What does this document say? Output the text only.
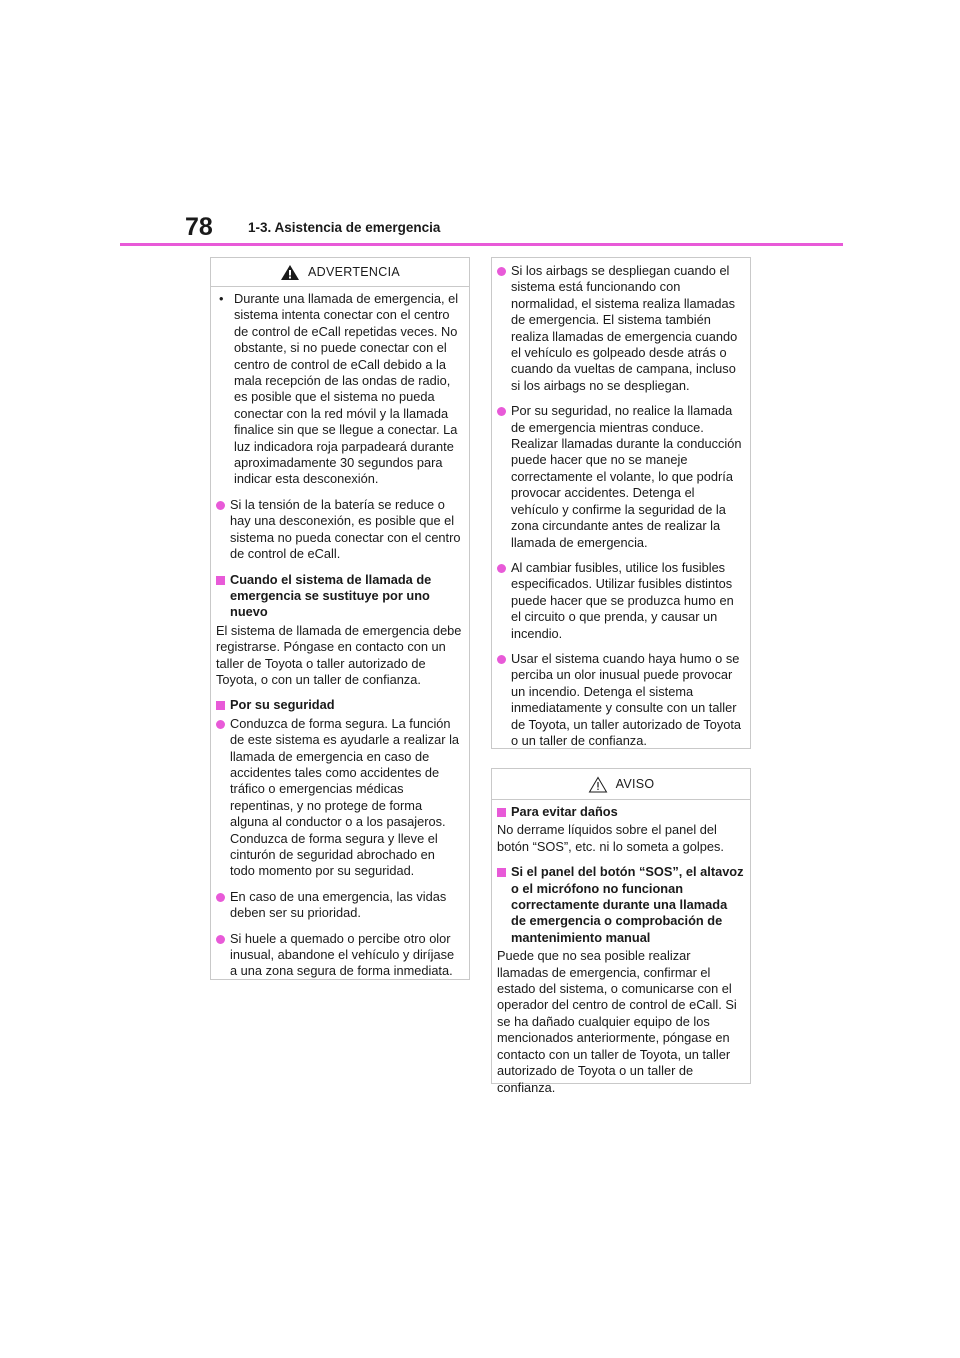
78	1-3. Asistencia de emergencia
ADVERTENCIA
• Durante una llamada de emergencia, el sistema intenta conectar con el centro de control de eCall repetidas veces. No obstante, si no puede conectar con el centro de control de eCall debido a la mala recepción de las ondas de radio, es posible que el sistema no pueda conectar con la red móvil y la llamada finalice sin que se llegue a conectar. La luz indicadora roja parpadeará durante aproximadamente 30 segundos para indicar esta desconexión.
Si la tensión de la batería se reduce o hay una desconexión, es posible que el sistema no pueda conectar con el centro de control de eCall.
Cuando el sistema de llamada de emergencia se sustituye por uno nuevo
El sistema de llamada de emergencia debe registrarse. Póngase en contacto con un taller de Toyota o taller autorizado de Toyota, o con un taller de confianza.
Por su seguridad
Conduzca de forma segura. La función de este sistema es ayudarle a realizar la llamada de emergencia en caso de accidentes tales como accidentes de tráfico o emergencias médicas repentinas, y no protege de forma alguna al conductor o a los pasajeros. Conduzca de forma segura y lleve el cinturón de seguridad abrochado en todo momento por su seguridad.
En caso de una emergencia, las vidas deben ser su prioridad.
Si huele a quemado o percibe otro olor inusual, abandone el vehículo y diríjase a una zona segura de forma inmediata.
Si los airbags se despliegan cuando el sistema está funcionando con normalidad, el sistema realiza llamadas de emergencia. El sistema también realiza llamadas de emergencia cuando el vehículo es golpeado desde atrás o cuando da vueltas de campana, incluso si los airbags no se despliegan.
Por su seguridad, no realice la llamada de emergencia mientras conduce. Realizar llamadas durante la conducción puede hacer que no se maneje correctamente el volante, lo que podría provocar accidentes. Detenga el vehículo y confirme la seguridad de la zona circundante antes de realizar la llamada de emergencia.
Al cambiar fusibles, utilice los fusibles especificados. Utilizar fusibles distintos puede hacer que se produzca humo en el circuito o que prenda, y causar un incendio.
Usar el sistema cuando haya humo o se perciba un olor inusual puede provocar un incendio. Detenga el sistema inmediatamente y consulte con un taller de Toyota, un taller autorizado de Toyota o un taller de confianza.
AVISO
Para evitar daños
No derrame líquidos sobre el panel del botón “SOS”, etc. ni lo someta a golpes.
Si el panel del botón “SOS”, el altavoz o el micrófono no funcionan correctamente durante una llamada de emergencia o comprobación de mantenimiento manual
Puede que no sea posible realizar llamadas de emergencia, confirmar el estado del sistema, o comunicarse con el operador del centro de control de eCall. Si se ha dañado cualquier equipo de los mencionados anteriormente, póngase en contacto con un taller de Toyota, un taller autorizado de Toyota o un taller de confianza.
